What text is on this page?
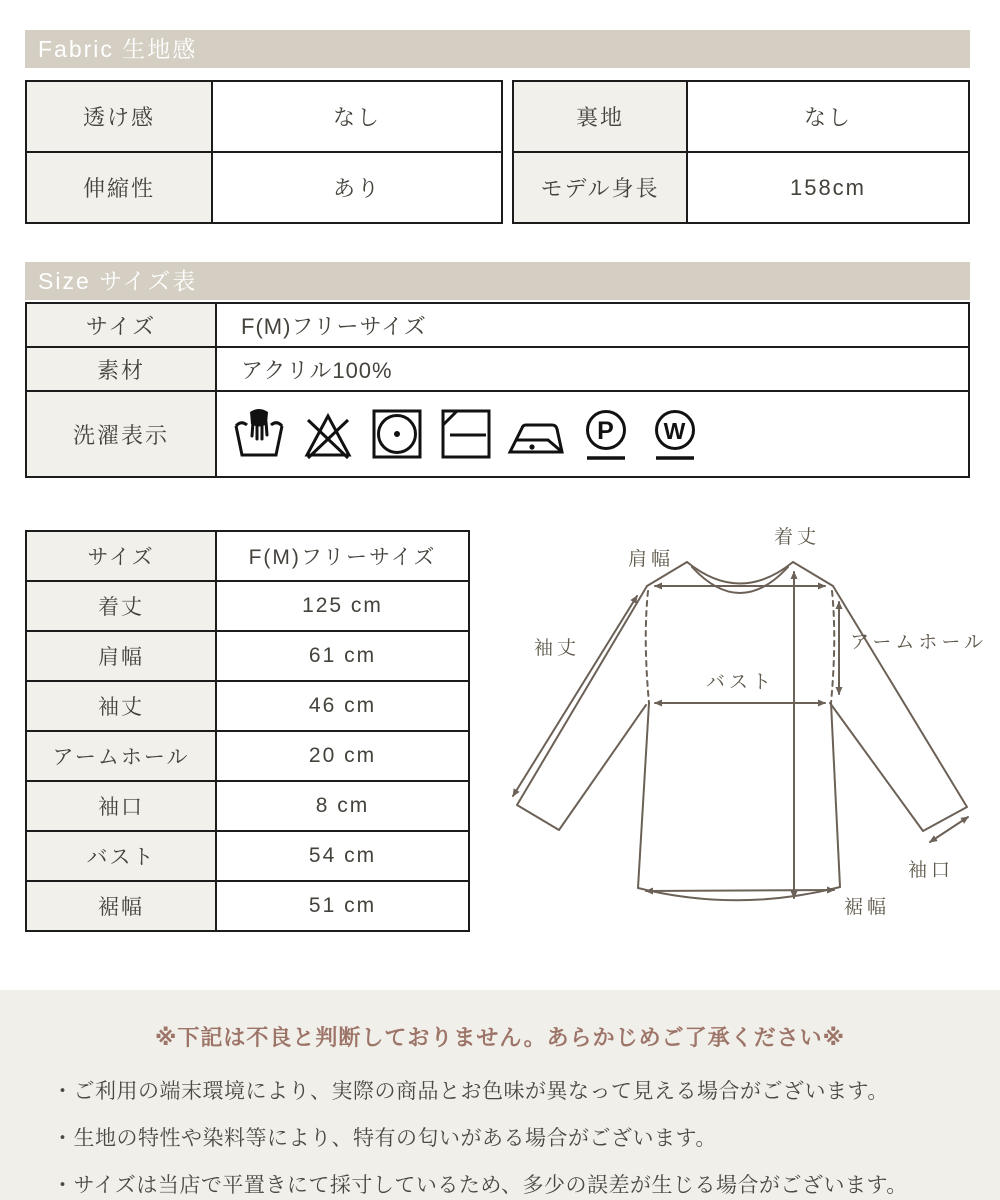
Fabric 生地感
透け感	なし
伸縮性	あり
裏地	なし
モデル身長	158cm
Size サイズ表
サイズ	F(M)フリーサイズ
素材	アクリル100%
洗濯表示	P W
サイズ	F(M)フリーサイズ
着丈	125 cm
肩幅	61 cm
袖丈	46 cm
アームホール	20 cm
袖口	8 cm
バスト	54 cm
裾幅	51 cm
肩幅
着丈
袖丈	アームホール
バスト
袖口
裾幅

※下記は不良と判断しておりません。あらかじめご了承ください※

・ご利用の端末環境により、実際の商品とお色味が異なって見える場合がございます。
・生地の特性や染料等により、特有の匂いがある場合がございます。
・サイズは当店で平置きにて採寸しているため、多少の誤差が生じる場合がございます。
